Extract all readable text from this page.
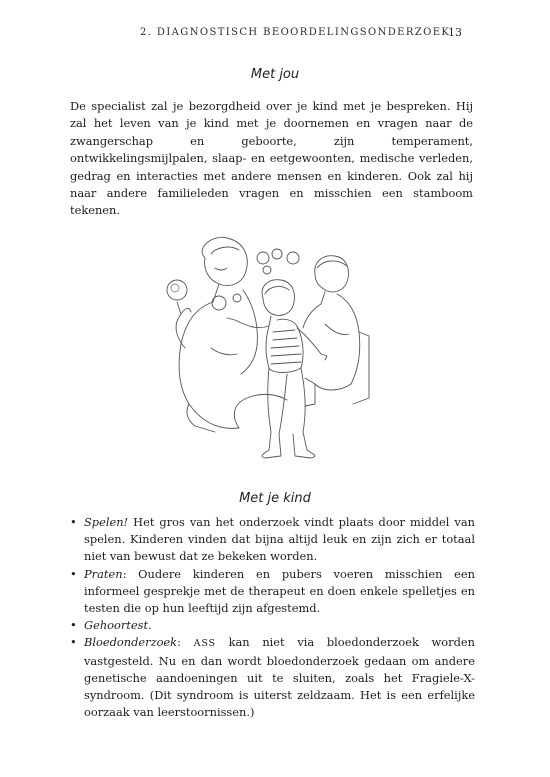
2. DIAGNOSTISCH BEOORDELINGSONDERZOEK
13
Met jou

De specialist zal je bezorgdheid over je kind met je bespreken. Hij zal het leven van je kind met je doornemen en vragen naar de zwangerschap en geboorte, zijn temperament, ontwikkelingsmijlpalen, slaap- en eetgewoonten, medische verleden, gedrag en interacties met andere mensen en kinderen. Ook zal hij naar andere familieleden vragen en misschien een stamboom tekenen.

Met je kind
• Spelen! Het gros van het onderzoek vindt plaats door middel van spelen. Kinderen vinden dat bijna altijd leuk en zijn zich er totaal niet van bewust dat ze bekeken worden.
• Praten: Oudere kinderen en pubers voeren misschien een informeel gesprekje met de therapeut en doen enkele spelletjes en testen die op hun leeftijd zijn afgestemd.
• Gehoortest.
• Bloedonderzoek: ASS kan niet via bloedonderzoek worden vastgesteld. Nu en dan wordt bloedonderzoek gedaan om andere genetische aandoeningen uit te sluiten, zoals het Fragiele-X-syndroom. (Dit syndroom is uiterst zeldzaam. Het is een erfelijke oorzaak van leerstoornissen.)
